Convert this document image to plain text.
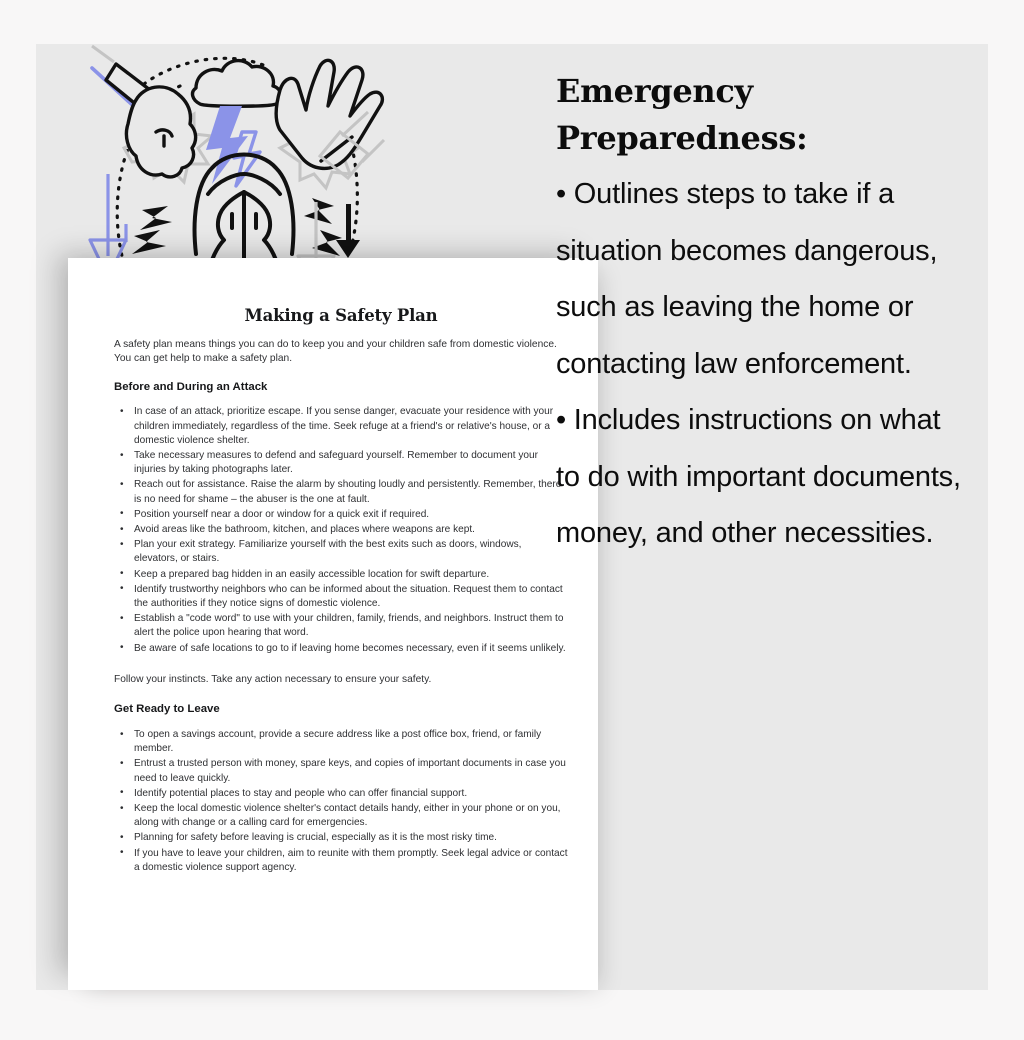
Making a Safety Plan

A safety plan means things you can do to keep you and your children safe from domestic violence. You can get help to make a safety plan.

Before and During an Attack
• In case of an attack, prioritize escape. If you sense danger, evacuate your residence with your children immediately, regardless of the time. Seek refuge at a friend's or relative's house, or a domestic violence shelter.
• Take necessary measures to defend and safeguard yourself. Remember to document your injuries by taking photographs later.
• Reach out for assistance. Raise the alarm by shouting loudly and persistently. Remember, there is no need for shame – the abuser is the one at fault.
• Position yourself near a door or window for a quick exit if required.
• Avoid areas like the bathroom, kitchen, and places where weapons are kept.
• Plan your exit strategy. Familiarize yourself with the best exits such as doors, windows, elevators, or stairs.
• Keep a prepared bag hidden in an easily accessible location for swift departure.
• Identify trustworthy neighbors who can be informed about the situation. Request them to contact the authorities if they notice signs of domestic violence.
• Establish a "code word" to use with your children, family, friends, and neighbors. Instruct them to alert the police upon hearing that word.
• Be aware of safe locations to go to if leaving home becomes necessary, even if it seems unlikely.

Follow your instincts. Take any action necessary to ensure your safety.

Get Ready to Leave
• To open a savings account, provide a secure address like a post office box, friend, or family member.
• Entrust a trusted person with money, spare keys, and copies of important documents in case you need to leave quickly.
• Identify potential places to stay and people who can offer financial support.
• Keep the local domestic violence shelter's contact details handy, either in your phone or on you, along with change or a calling card for emergencies.
• Planning for safety before leaving is crucial, especially as it is the most risky time.
• If you have to leave your children, aim to reunite with them promptly. Seek legal advice or contact a domestic violence support agency.
Emergency Preparedness:

• Outlines steps to take if a situation becomes dangerous, such as leaving the home or contacting law enforcement.
• Includes instructions on what to do with important documents, money, and other necessities.
